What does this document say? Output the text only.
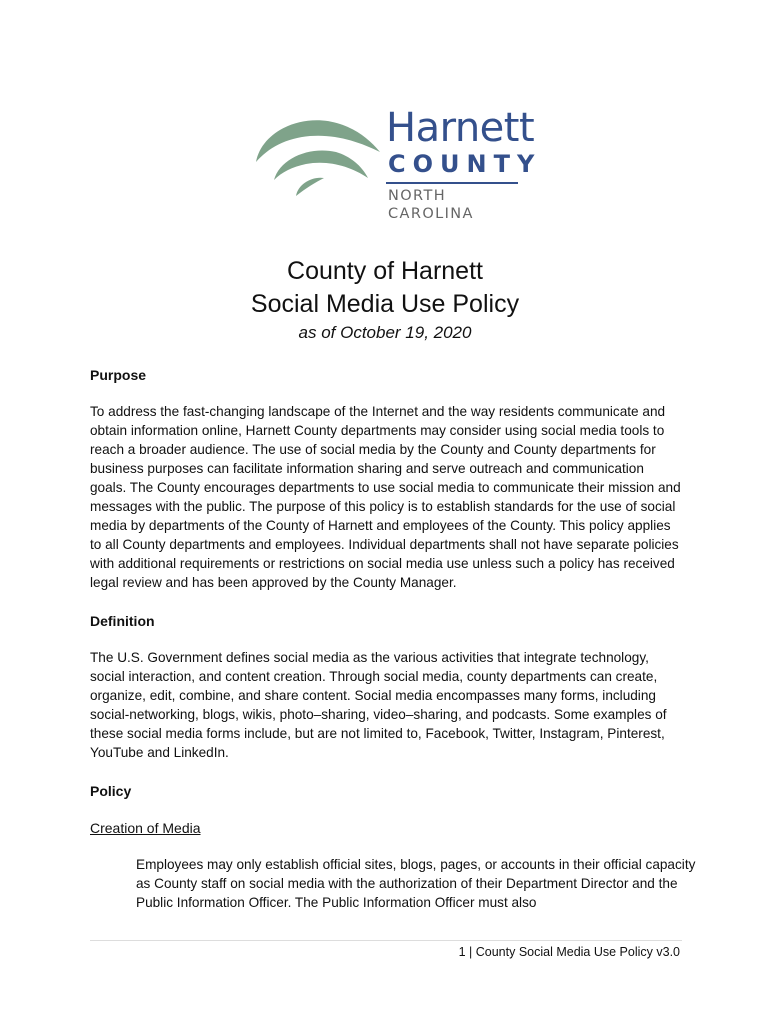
Harnett
COUNTY
NORTH CAROLINA
County of Harnett
Social Media Use Policy
as of October 19, 2020
Purpose

To address the fast-changing landscape of the Internet and the way residents communicate and obtain information online, Harnett County departments may consider using social media tools to reach a broader audience. The use of social media by the County and County departments for business purposes can facilitate information sharing and serve outreach and communication goals. The County encourages departments to use social media to communicate their mission and messages with the public. The purpose of this policy is to establish standards for the use of social media by departments of the County of Harnett and employees of the County. This policy applies to all County departments and employees. Individual departments shall not have separate policies with additional requirements or restrictions on social media use unless such a policy has received legal review and has been approved by the County Manager.

Definition

The U.S. Government defines social media as the various activities that integrate technology, social interaction, and content creation. Through social media, county departments can create, organize, edit, combine, and share content. Social media encompasses many forms, including social-networking, blogs, wikis, photo–sharing, video–sharing, and podcasts. Some examples of these social media forms include, but are not limited to, Facebook, Twitter, Instagram, Pinterest, YouTube and LinkedIn.

Policy
Creation of Media

Employees may only establish official sites, blogs, pages, or accounts in their official capacity as County staff on social media with the authorization of their Department Director and the Public Information Officer. The Public Information Officer must also

1 | County Social Media Use Policy v3.0
